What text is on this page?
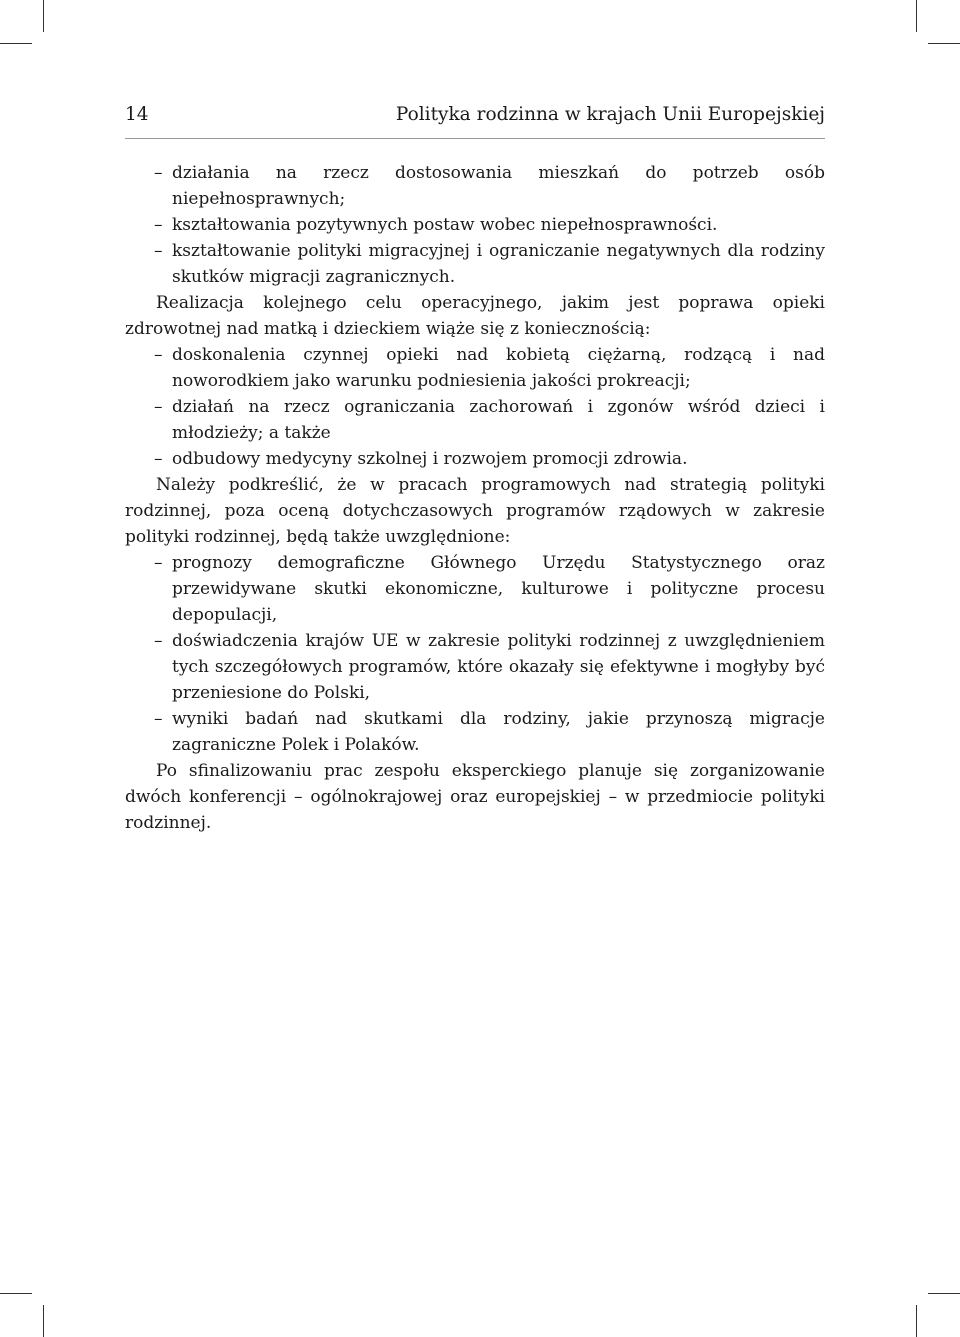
14	Polityka rodzinna w krajach Unii Europejskiej
– działania na rzecz dostosowania mieszkań do potrzeb osób niepełnosprawnych;
– kształtowania pozytywnych postaw wobec niepełnosprawności.
– kształtowanie polityki migracyjnej i ograniczanie negatywnych dla rodziny skutków migracji zagranicznych.

Realizacja kolejnego celu operacyjnego, jakim jest poprawa opieki zdrowotnej nad matką i dzieckiem wiąże się z koniecznością:

– doskonalenia czynnej opieki nad kobietą ciężarną, rodzącą i nad noworodkiem jako warunku podniesienia jakości prokreacji;
– działań na rzecz ograniczania zachorowań i zgonów wśród dzieci i młodzieży; a także
– odbudowy medycyny szkolnej i rozwojem promocji zdrowia.

Należy podkreślić, że w pracach programowych nad strategią polityki rodzinnej, poza oceną dotychczasowych programów rządowych w zakresie polityki rodzinnej, będą także uwzględnione:

– prognozy demograficzne Głównego Urzędu Statystycznego oraz przewidywane skutki ekonomiczne, kulturowe i polityczne procesu depopulacji,
– doświadczenia krajów UE w zakresie polityki rodzinnej z uwzględnieniem tych szczegółowych programów, które okazały się efektywne i mogłyby być przeniesione do Polski,
– wyniki badań nad skutkami dla rodziny, jakie przynoszą migracje zagraniczne Polek i Polaków.

Po sfinalizowaniu prac zespołu eksperckiego planuje się zorganizowanie dwóch konferencji – ogólnokrajowej oraz europejskiej – w przedmiocie polityki rodzinnej.
